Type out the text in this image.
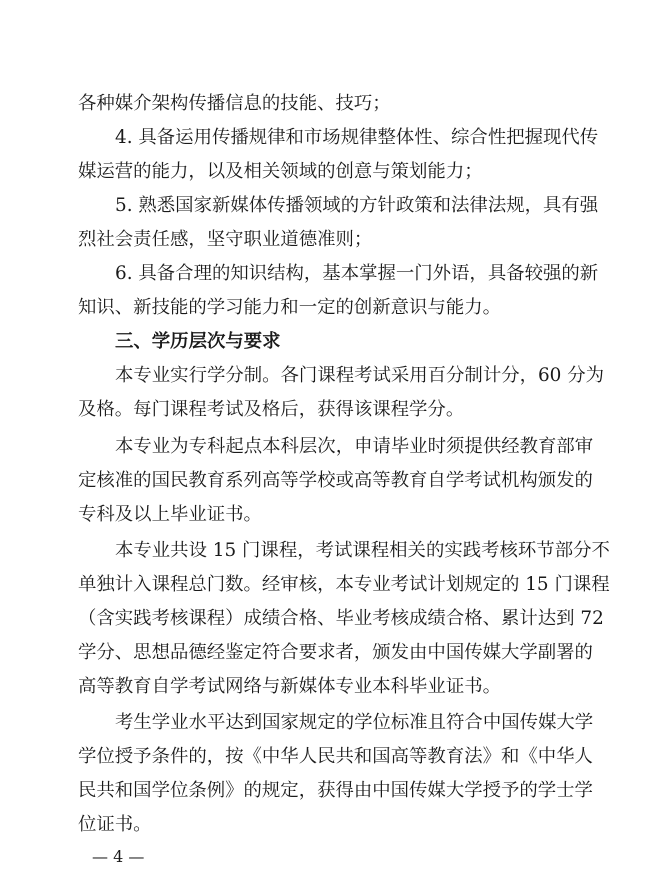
各种媒介架构传播信息的技能、技巧；
4. 具备运用传播规律和市场规律整体性、综合性把握现代传
媒运营的能力，以及相关领域的创意与策划能力；
5. 熟悉国家新媒体传播领域的方针政策和法律法规，具有强
烈社会责任感，坚守职业道德准则；
6. 具备合理的知识结构，基本掌握一门外语，具备较强的新
知识、新技能的学习能力和一定的创新意识与能力。
三、学历层次与要求
本专业实行学分制。各门课程考试采用百分制计分，60 分为
及格。每门课程考试及格后，获得该课程学分。
本专业为专科起点本科层次，申请毕业时须提供经教育部审
定核准的国民教育系列高等学校或高等教育自学考试机构颁发的
专科及以上毕业证书。
本专业共设 15 门课程，考试课程相关的实践考核环节部分不
单独计入课程总门数。经审核，本专业考试计划规定的 15 门课程
（含实践考核课程）成绩合格、毕业考核成绩合格、累计达到 72
学分、思想品德经鉴定符合要求者，颁发由中国传媒大学副署的
高等教育自学考试网络与新媒体专业本科毕业证书。
考生学业水平达到国家规定的学位标准且符合中国传媒大学
学位授予条件的，按《中华人民共和国高等教育法》和《中华人
民共和国学位条例》的规定，获得由中国传媒大学授予的学士学
位证书。
— 4 —
